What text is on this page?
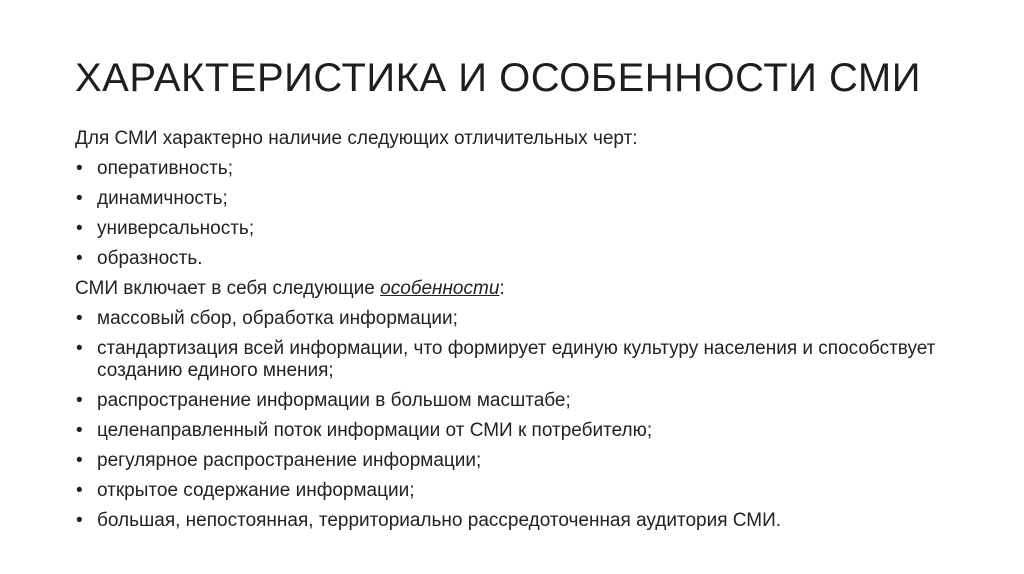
ХАРАКТЕРИСТИКА И ОСОБЕННОСТИ СМИ

Для СМИ характерно наличие следующих отличительных черт:

• оперативность;
• динамичность;
• универсальность;
• образность.

СМИ включает в себя следующие особенности:

• массовый сбор, обработка информации;
• стандартизация всей информации, что формирует единую культуру населения и способствует созданию единого мнения;
• распространение информации в большом масштабе;
• целенаправленный поток информации от СМИ к потребителю;
• регулярное распространение информации;
• открытое содержание информации;
• большая, непостоянная, территориально рассредоточенная аудитория СМИ.
